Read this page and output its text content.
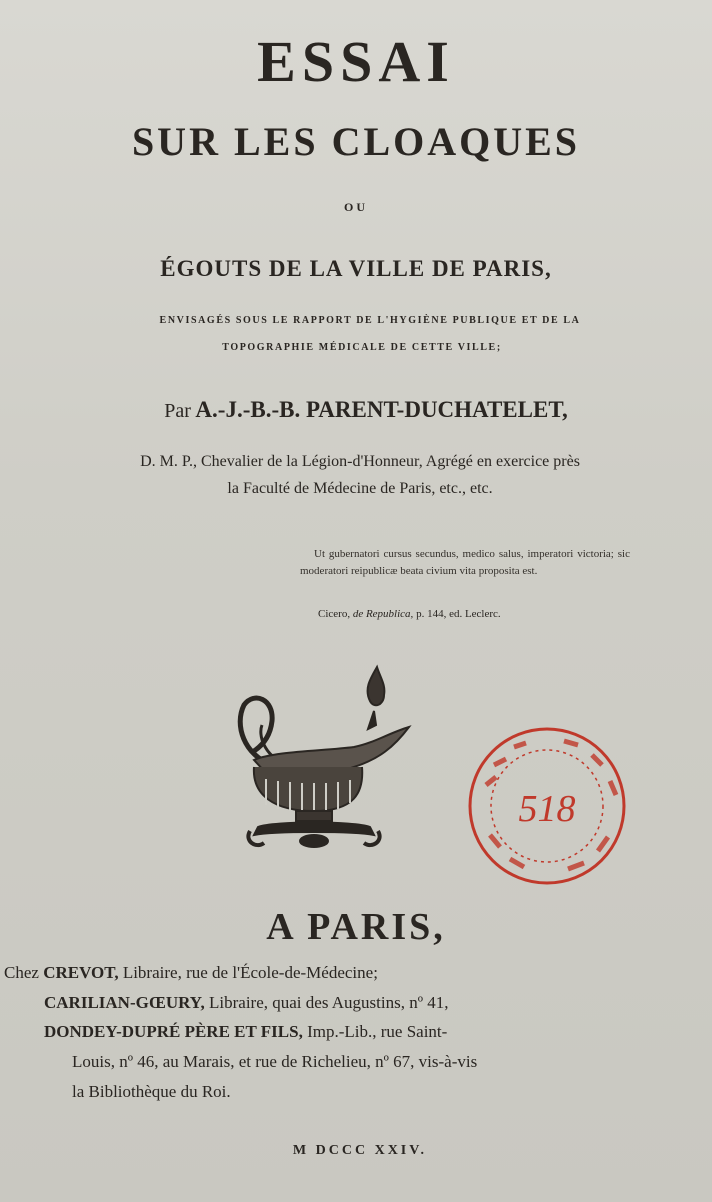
ESSAI
SUR LES CLOAQUES
OU
ÉGOUTS DE LA VILLE DE PARIS,
ENVISAGÉS SOUS LE RAPPORT DE L'HYGIÈNE PUBLIQUE ET DE LA
TOPOGRAPHIE MÉDICALE DE CETTE VILLE;
Par A.-J.-B.-B. PARENT-DUCHATELET,
D. M. P., Chevalier de la Légion-d'Honneur, Agrégé en exercice près
la Faculté de Médecine de Paris, etc., etc.
Ut gubernatori cursus secundus, medico salus, imperatori victoria; sic moderatori reipublicæ beata civium vita proposita est.
Cicero, de Republica, p. 144, ed. Leclerc.
518
A PARIS,
Chez CREVOT, Libraire, rue de l'École-de-Médecine;
CARILIAN-GŒURY, Libraire, quai des Augustins, nº 41,
DONDEY-DUPRÉ PÈRE ET FILS, Imp.-Lib., rue Saint-
Louis, nº 46, au Marais, et rue de Richelieu, nº 67, vis-à-vis
la Bibliothèque du Roi.
M DCCC XXIV.
